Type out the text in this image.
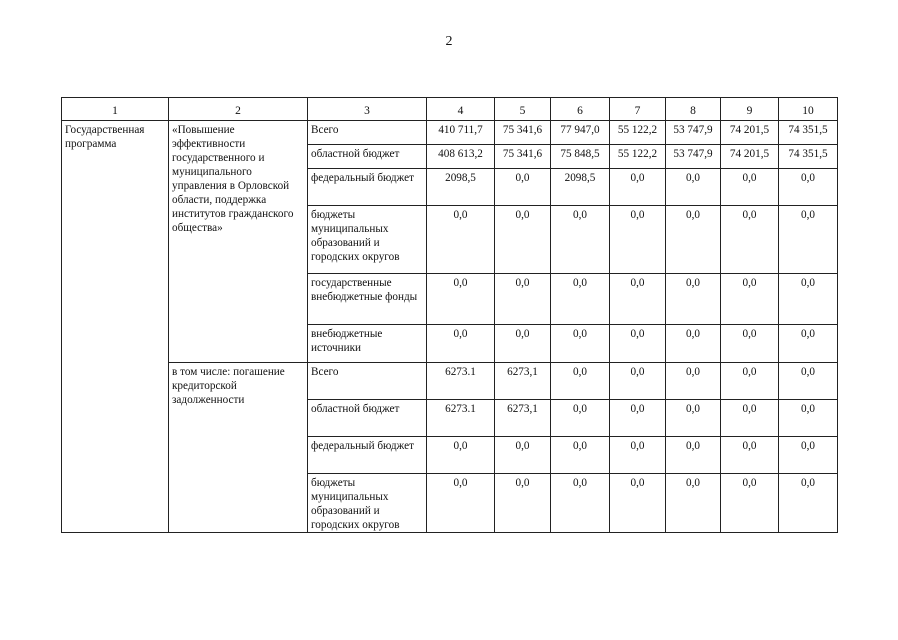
2
1	2	3	4	5	6	7	8	9	10
Государственная программа	«Повышение эффективности государственного и муниципального управления в Орловской области, поддержка институтов гражданского общества»	Всего	410 711,7	75 341,6	77 947,0	55 122,2	53 747,9	74 201,5	74 351,5
		областной бюджет	408 613,2	75 341,6	75 848,5	55 122,2	53 747,9	74 201,5	74 351,5
		федеральный бюджет	2098,5	0,0	2098,5	0,0	0,0	0,0	0,0
		бюджеты муниципальных образований и городских округов	0,0	0,0	0,0	0,0	0,0	0,0	0,0
		государственные внебюджетные фонды	0,0	0,0	0,0	0,0	0,0	0,0	0,0
		внебюджетные источники	0,0	0,0	0,0	0,0	0,0	0,0	0,0
	в том числе: погашение кредиторской задолженности	Всего	6273.1	6273,1	0,0	0,0	0,0	0,0	0,0
		областной бюджет	6273.1	6273,1	0,0	0,0	0,0	0,0	0,0
		федеральный бюджет	0,0	0,0	0,0	0,0	0,0	0,0	0,0
		бюджеты муниципальных образований и городских округов	0,0	0,0	0,0	0,0	0,0	0,0	0,0
